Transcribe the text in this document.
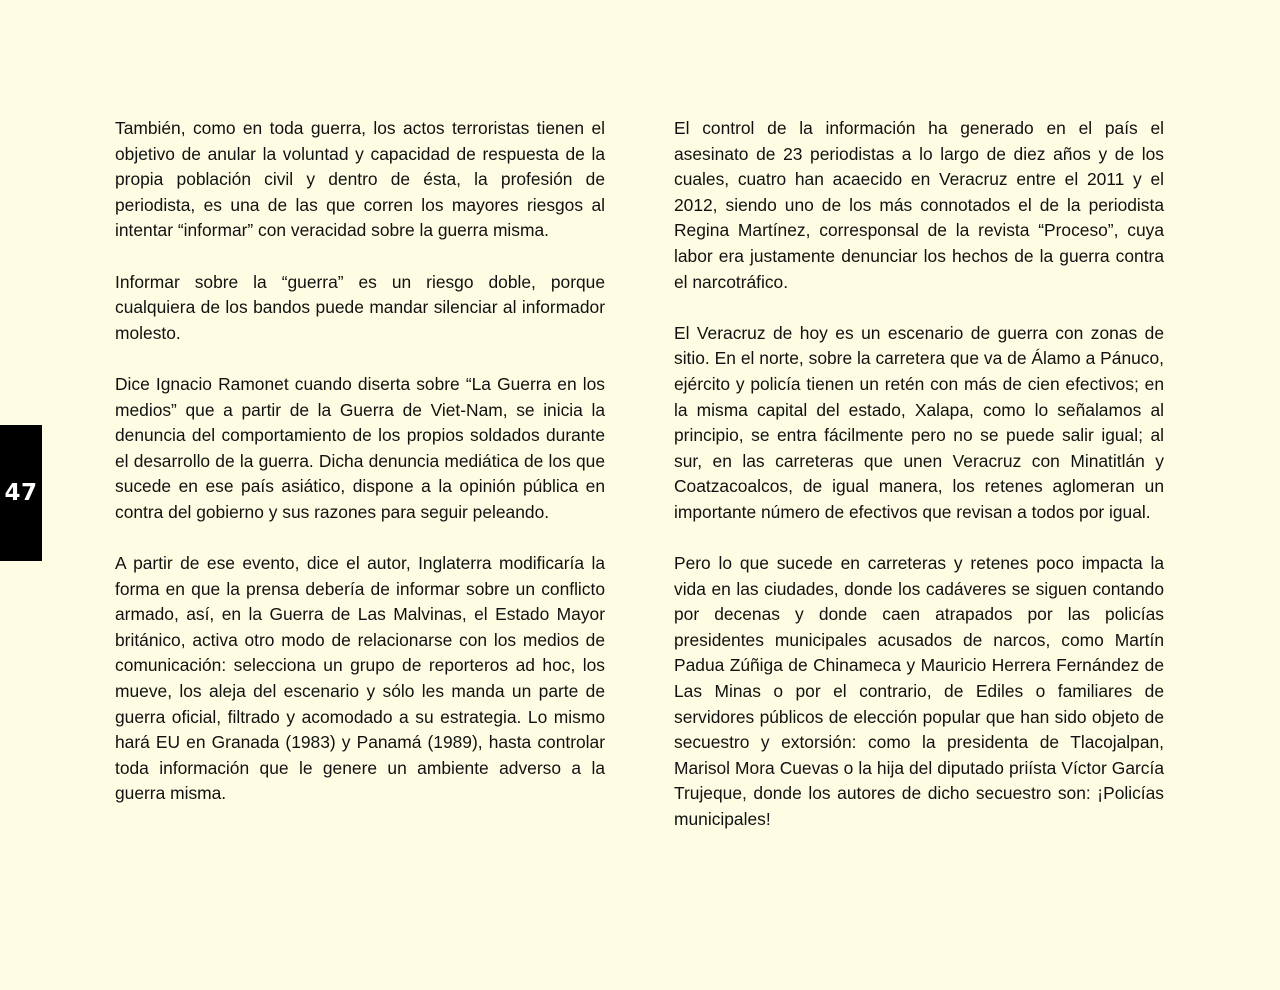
47

También, como en toda guerra, los actos terroristas tienen el objetivo de anular la voluntad y capacidad de respuesta de la propia población civil y dentro de ésta, la profesión de periodista, es una de las que corren los mayores riesgos al intentar “informar” con veracidad sobre la guerra misma.

Informar sobre la “guerra” es un riesgo doble, porque cualquiera de los bandos puede mandar silenciar al informador molesto.

Dice Ignacio Ramonet cuando diserta sobre “La Guerra en los medios” que a partir de la Guerra de Viet-Nam, se inicia la denuncia del comportamiento de los propios soldados durante el desarrollo de la guerra. Dicha denuncia mediática de los que sucede en ese país asiático, dispone a la opinión pública en contra del gobierno y sus razones para seguir peleando.

A partir de ese evento, dice el autor, Inglaterra modificaría la forma en que la prensa debería de informar sobre un conflicto armado, así, en la Guerra de Las Malvinas, el Estado Mayor británico, activa otro modo de relacionarse con los medios de comunicación: selecciona un grupo de reporteros ad hoc, los mueve, los aleja del escenario y sólo les manda un parte de guerra oficial, filtrado y acomodado a su estrategia. Lo mismo hará EU en Granada (1983) y Panamá (1989), hasta controlar toda información que le genere un ambiente adverso a la guerra misma.

El control de la información ha generado en el país el asesinato de 23 periodistas a lo largo de diez años y de los cuales, cuatro han acaecido en Veracruz entre el 2011 y el 2012, siendo uno de los más connotados el de la periodista Regina Martínez, corresponsal de la revista “Proceso”, cuya labor era justamente denunciar los hechos de la guerra contra el narcotráfico.

El Veracruz de hoy es un escenario de guerra con zonas de sitio. En el norte, sobre la carretera que va de Álamo a Pánuco, ejército y policía tienen un retén con más de cien efectivos; en la misma capital del estado, Xalapa, como lo señalamos al principio, se entra fácilmente pero no se puede salir igual; al sur, en las carreteras que unen Veracruz con Minatitlán y Coatzacoalcos, de igual manera, los retenes aglomeran un importante número de efectivos que revisan a todos por igual.

Pero lo que sucede en carreteras y retenes poco impacta la vida en las ciudades, donde los cadáveres se siguen contando por decenas y donde caen atrapados por las policías presidentes municipales acusados de narcos, como Martín Padua Zúñiga de Chinameca y Mauricio Herrera Fernández de Las Minas o por el contrario, de Ediles o familiares de servidores públicos de elección popular que han sido objeto de secuestro y extorsión: como la presidenta de Tlacojalpan, Marisol Mora Cuevas o la hija del diputado priísta Víctor García Trujeque, donde los autores de dicho secuestro son: ¡Policías municipales!
